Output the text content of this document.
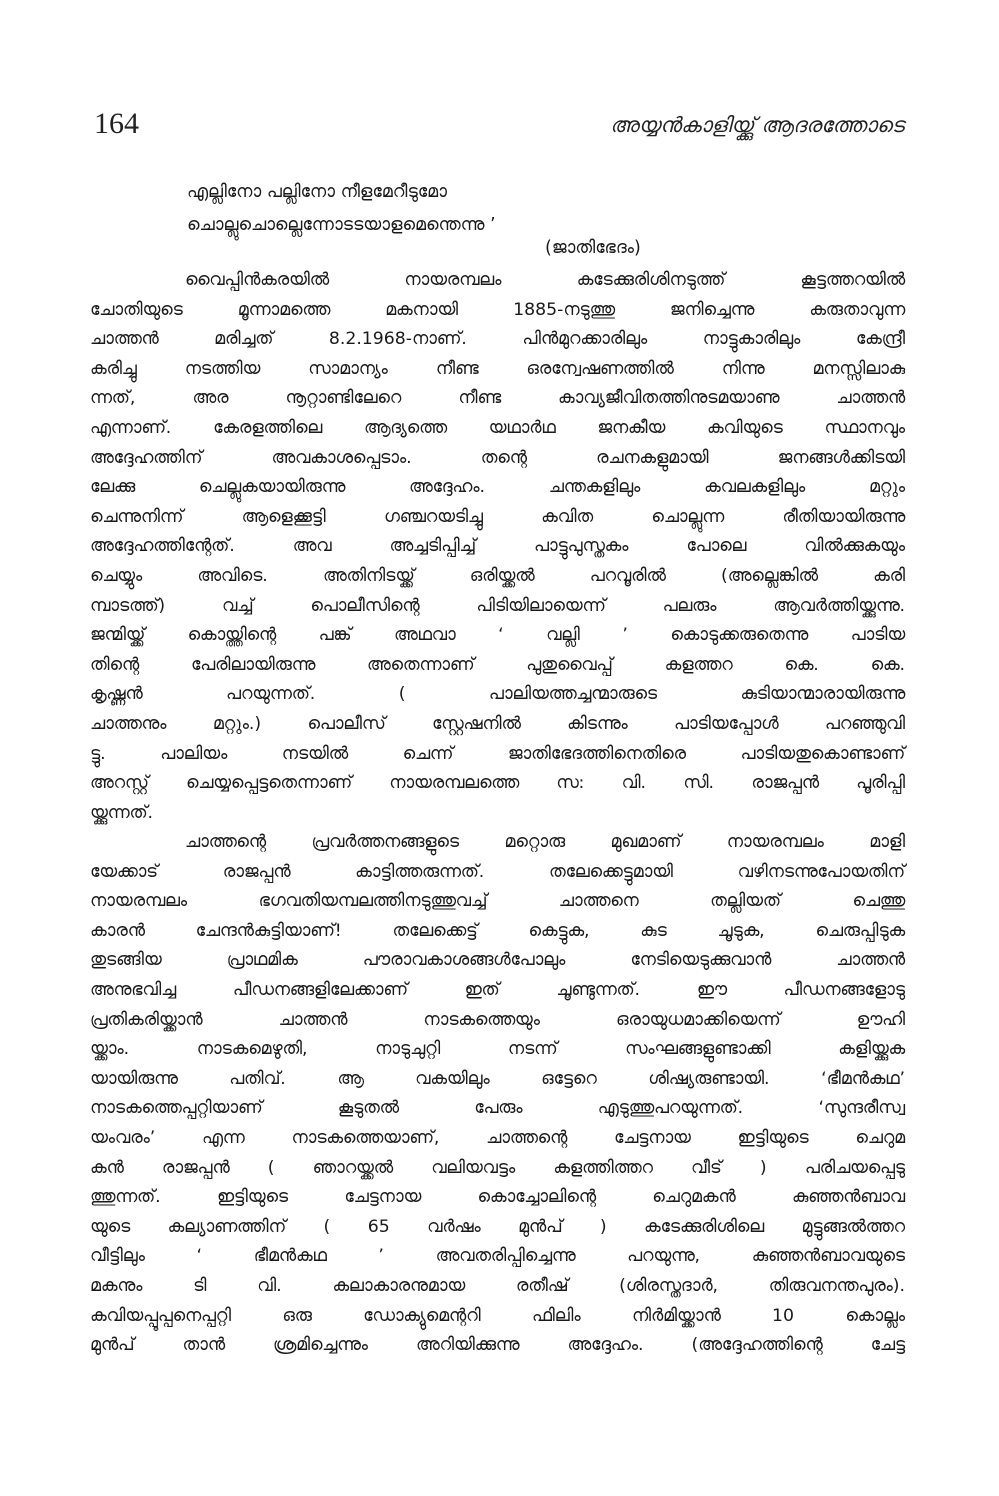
164	അയ്യൻകാളിയ്ക്കു് ആദരത്തോടെ
എല്ലിനോ പല്ലിനോ നീളമേറീടുമോ
ചൊല്ലുചൊല്ലെന്നോടടയാളമെന്തെന്നു ’
(ജാതിഭേദം)
വൈപ്പിൻകരയിൽ നായരമ്പലം കടേക്കുരിശിനടുത്ത് കൂട്ടത്തറയിൽ
ചോതിയുടെ മൂന്നാമത്തെ മകനായി 1885-നടുത്തു ജനിച്ചെന്നു കരുതാവുന്ന
ചാത്തൻ മരിച്ചത് 8.2.1968-നാണ്. പിൻമുറക്കാരിലും നാട്ടുകാരിലും കേന്ദ്രീ
കരിച്ചു നടത്തിയ സാമാന്യം നീണ്ട ഒരന്വേഷണത്തിൽ നിന്നു മനസ്സിലാകു
ന്നത്, അര നൂറ്റാണ്ടിലേറെ നീണ്ട കാവ്യജീവിതത്തിനുടമയാണു ചാത്തൻ
എന്നാണ്. കേരളത്തിലെ ആദ്യത്തെ യഥാർഥ ജനകീയ കവിയുടെ സ്ഥാനവും
അദ്ദേഹത്തിന് അവകാശപ്പെടാം. തന്റെ രചനകളുമായി ജനങ്ങൾക്കിടയി
ലേക്കു ചെല്ലുകയായിരുന്നു അദ്ദേഹം. ചന്തകളിലും കവലകളിലും മറ്റും
ചെന്നുനിന്ന് ആളെക്കൂട്ടി ഗഞ്ചറയടിച്ചു കവിത ചൊല്ലുന്ന രീതിയായിരുന്നു
അദ്ദേഹത്തിന്റേത്. അവ അച്ചടിപ്പിച്ച് പാട്ടുപുസ്തകം പോലെ വിൽക്കുകയും
ചെയ്യും അവിടെ. അതിനിടയ്ക്ക് ഒരിയ്ക്കൽ പറവൂരിൽ (അല്ലെങ്കിൽ കരി
മ്പാടത്ത്) വച്ച് പൊലീസിന്റെ പിടിയിലായെന്ന് പലരും ആവർത്തിയ്ക്കുന്നു.
ജന്മിയ്ക്ക് കൊയ്ത്തിന്റെ പങ്ക് അഥവാ ‘ വല്ലി ’ കൊടുക്കരുതെന്നു പാടിയ
തിന്റെ പേരിലായിരുന്നു അതെന്നാണ് പുതുവൈപ്പ് കളത്തറ കെ. കെ.
കൃഷ്ണൻ പറയുന്നത്. ( പാലിയത്തച്ചന്മാരുടെ കുടിയാന്മാരായിരുന്നു
ചാത്തനും മറ്റും.) പൊലീസ് സ്റ്റേഷനിൽ കിടന്നും പാടിയപ്പോൾ പറഞ്ഞുവി
ട്ടു. പാലിയം നടയിൽ ചെന്ന് ജാതിഭേദത്തിനെതിരെ പാടിയതുകൊണ്ടാണ്
അറസ്റ്റ് ചെയ്യപ്പെട്ടതെന്നാണ് നായരമ്പലത്തെ സ: വി. സി. രാജപ്പൻ പൂരിപ്പി
യ്ക്കുന്നത്.
ചാത്തന്റെ പ്രവർത്തനങ്ങളുടെ മറ്റൊരു മുഖമാണ് നായരമ്പലം മാളി
യേക്കാട് രാജപ്പൻ കാട്ടിത്തരുന്നത്. തലേക്കെട്ടുമായി വഴിനടന്നുപോയതിന്
നായരമ്പലം ഭഗവതിയമ്പലത്തിനടുത്തുവച്ച് ചാത്തനെ തല്ലിയത് ചെത്തു
കാരൻ ചേന്ദൻകുട്ടിയാണ്! തലേക്കെട്ട് കെട്ടുക, കുട ചൂടുക, ചെരുപ്പിടുക
തുടങ്ങിയ പ്രാഥമിക പൗരാവകാശങ്ങൾപോലും നേടിയെടുക്കുവാൻ ചാത്തൻ
അനുഭവിച്ച പീഡനങ്ങളിലേക്കാണ് ഇത് ചൂണ്ടുന്നത്. ഈ പീഡനങ്ങളോടു
പ്രതികരിയ്ക്കാൻ ചാത്തൻ നാടകത്തെയും ഒരായുധമാക്കിയെന്ന് ഊഹി
യ്ക്കാം. നാടകമെഴുതി, നാടുചുറ്റി നടന്ന് സംഘങ്ങളുണ്ടാക്കി കളിയ്ക്കുക
യായിരുന്നു പതിവ്. ആ വകയിലും ഒട്ടേറെ ശിഷ്യരുണ്ടായി. ‘ഭീമൻകഥ’
നാടകത്തെപ്പറ്റിയാണ് കൂടുതൽ പേരും എടുത്തുപറയുന്നത്. ‘സുന്ദരീസ്വ
യംവരം’ എന്ന നാടകത്തെയാണ്, ചാത്തന്റെ ചേട്ടനായ ഇട്ടിയുടെ ചെറുമ
കൻ രാജപ്പൻ ( ഞാറയ്ക്കൽ വലിയവട്ടം കളത്തിത്തറ വീട് ) പരിചയപ്പെടു
ത്തുന്നത്. ഇട്ടിയുടെ ചേട്ടനായ കൊച്ചോലിന്റെ ചെറുമകൻ കുഞ്ഞൻബാവ
യുടെ കല്യാണത്തിന് ( 65 വർഷം മുൻപ് ) കടേക്കുരിശിലെ മുട്ടുങ്ങൽത്തറ
വീട്ടിലും ‘ ഭീമൻകഥ ’ അവതരിപ്പിച്ചെന്നു പറയുന്നു, കുഞ്ഞൻബാവയുടെ
മകനും ടി വി. കലാകാരനുമായ രതീഷ് (ശിരസ്തദാർ, തിരുവനന്തപുരം).
കവിയപ്പൂപ്പനെപ്പറ്റി ഒരു ഡോക്യുമെന്ററി ഫിലിം നിർമിയ്ക്കാൻ 10 കൊല്ലം
മുൻപ് താൻ ശ്രമിച്ചെന്നും അറിയിക്കുന്നു അദ്ദേഹം. (അദ്ദേഹത്തിന്റെ ചേട്ട
